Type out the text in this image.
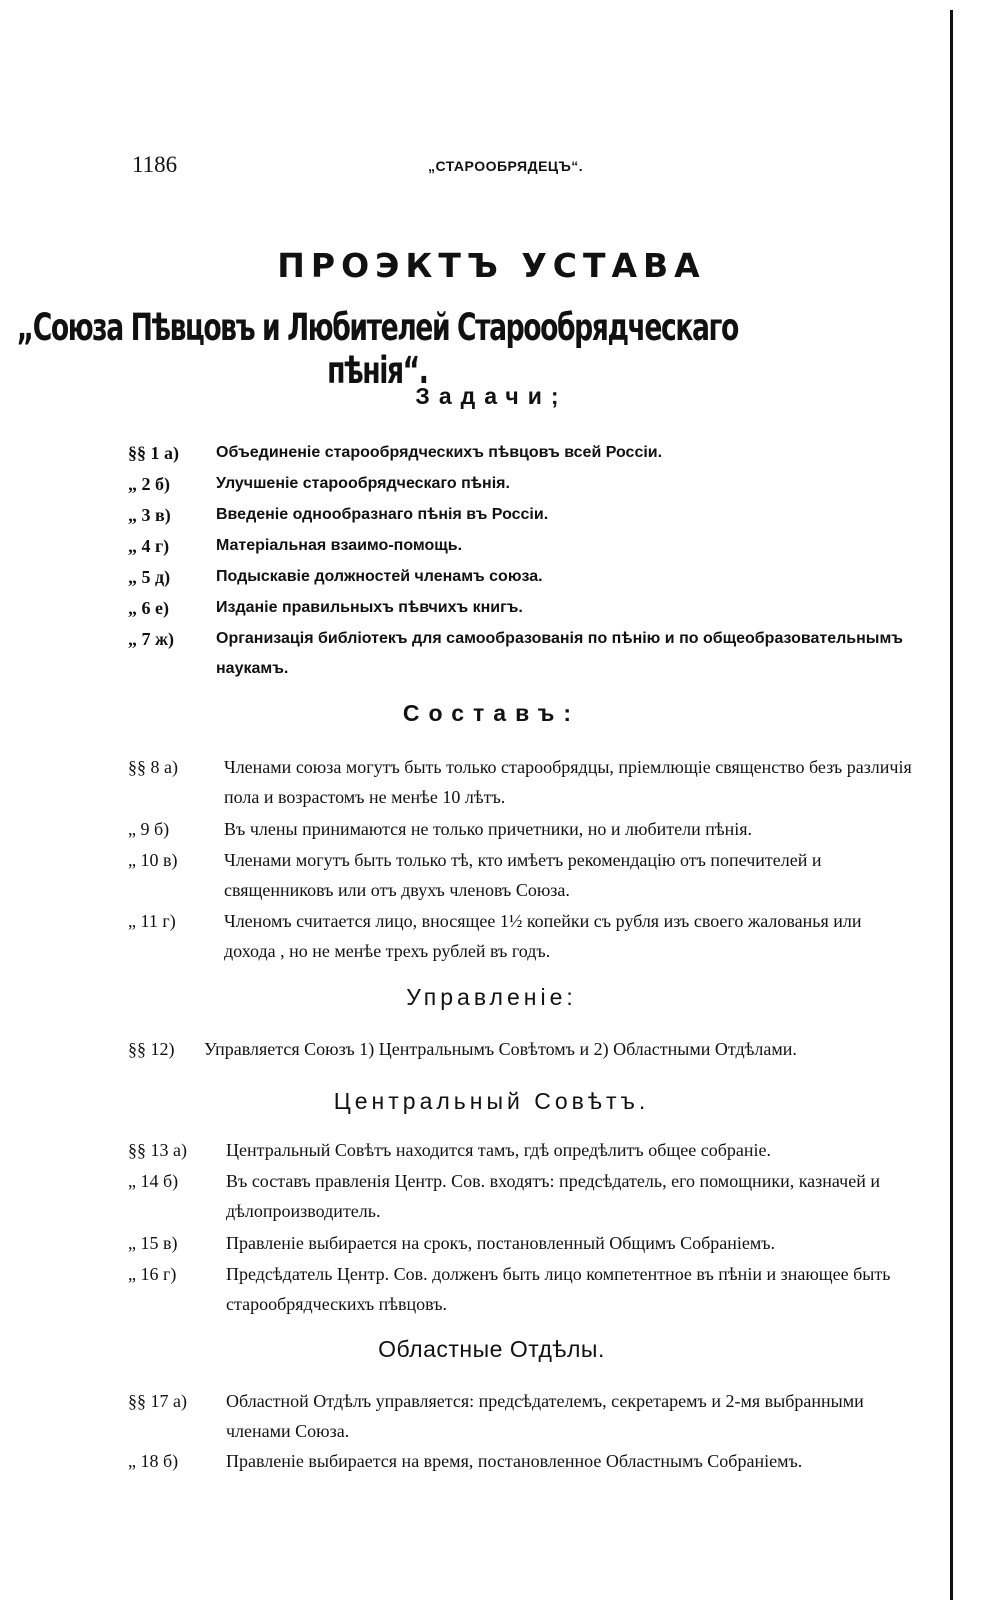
1186	„СТАРООБРЯДЕЦЪ“.
ПРОЭКТЪ УСТАВА
„Союза Пѣвцовъ и Любителей Старообрядческаго пѣнія“.
Задачи;
§§ 1 а) Объединеніе старообрядческихъ пѣвцовъ всей Россіи.
„ 2 б)	Улучшеніе старообрядческаго пѣнія.
„ 3 в)	Введеніе однообразнаго пѣнія въ Россіи.
„ 4 г)	Матеріальная взаимо-помощь.
„ 5 д)	Подыскавіе должностей членамъ союза.
„ 6 е)	Изданіе правильныхъ пѣвчихъ книгъ.
„ 7 ж)	Организація библіотекъ для самообразованія по пѣнію и по общеобразовательнымъ наукамъ.
Составъ:
§§ 8 а)	Членами союза могутъ быть только старообрядцы, пріемлющіе священство безъ различія пола и возрастомъ не менѣе 10 лѣтъ.
„ 9 б)	Въ члены принимаются не только причетники, но и любители пѣнія.
„ 10 в)	Членами могутъ быть только тѣ, кто имѣетъ рекомендацію отъ попечителей и священниковъ или отъ двухъ членовъ Союза.
„ 11 г)	Членомъ считается лицо, вносящее 1½ копейки съ рубля изъ своего жалованья или дохода , но не менѣе трехъ рублей въ годъ.
Управленіе:
§§ 12) Управляется Союзъ 1) Центральнымъ Совѣтомъ и 2) Областными Отдѣлами.
Центральный Совѣтъ.
§§ 13 а) Центральный Совѣтъ находится тамъ, гдѣ опредѣлитъ общее собраніе.
„ 14 б)	Въ составъ правленія Центр. Сов. входятъ: предсѣдатель, его помощники, казначей и дѣлопроизводитель.
„ 15 в)	Правленіе выбирается на срокъ, постановленный Общимъ Собраніемъ.
„ 16 г)	Предсѣдатель Центр. Сов. долженъ быть лицо компетентное въ пѣніи и знающее быть старообрядческихъ пѣвцовъ.
Областные Отдѣлы.
§§ 17 а) Областной Отдѣлъ управляется: предсѣдателемъ, секретаремъ и 2-мя выбранными членами Союза.
„ 18 б)	Правленіе выбирается на время, постановленное Областнымъ Собраніемъ.
